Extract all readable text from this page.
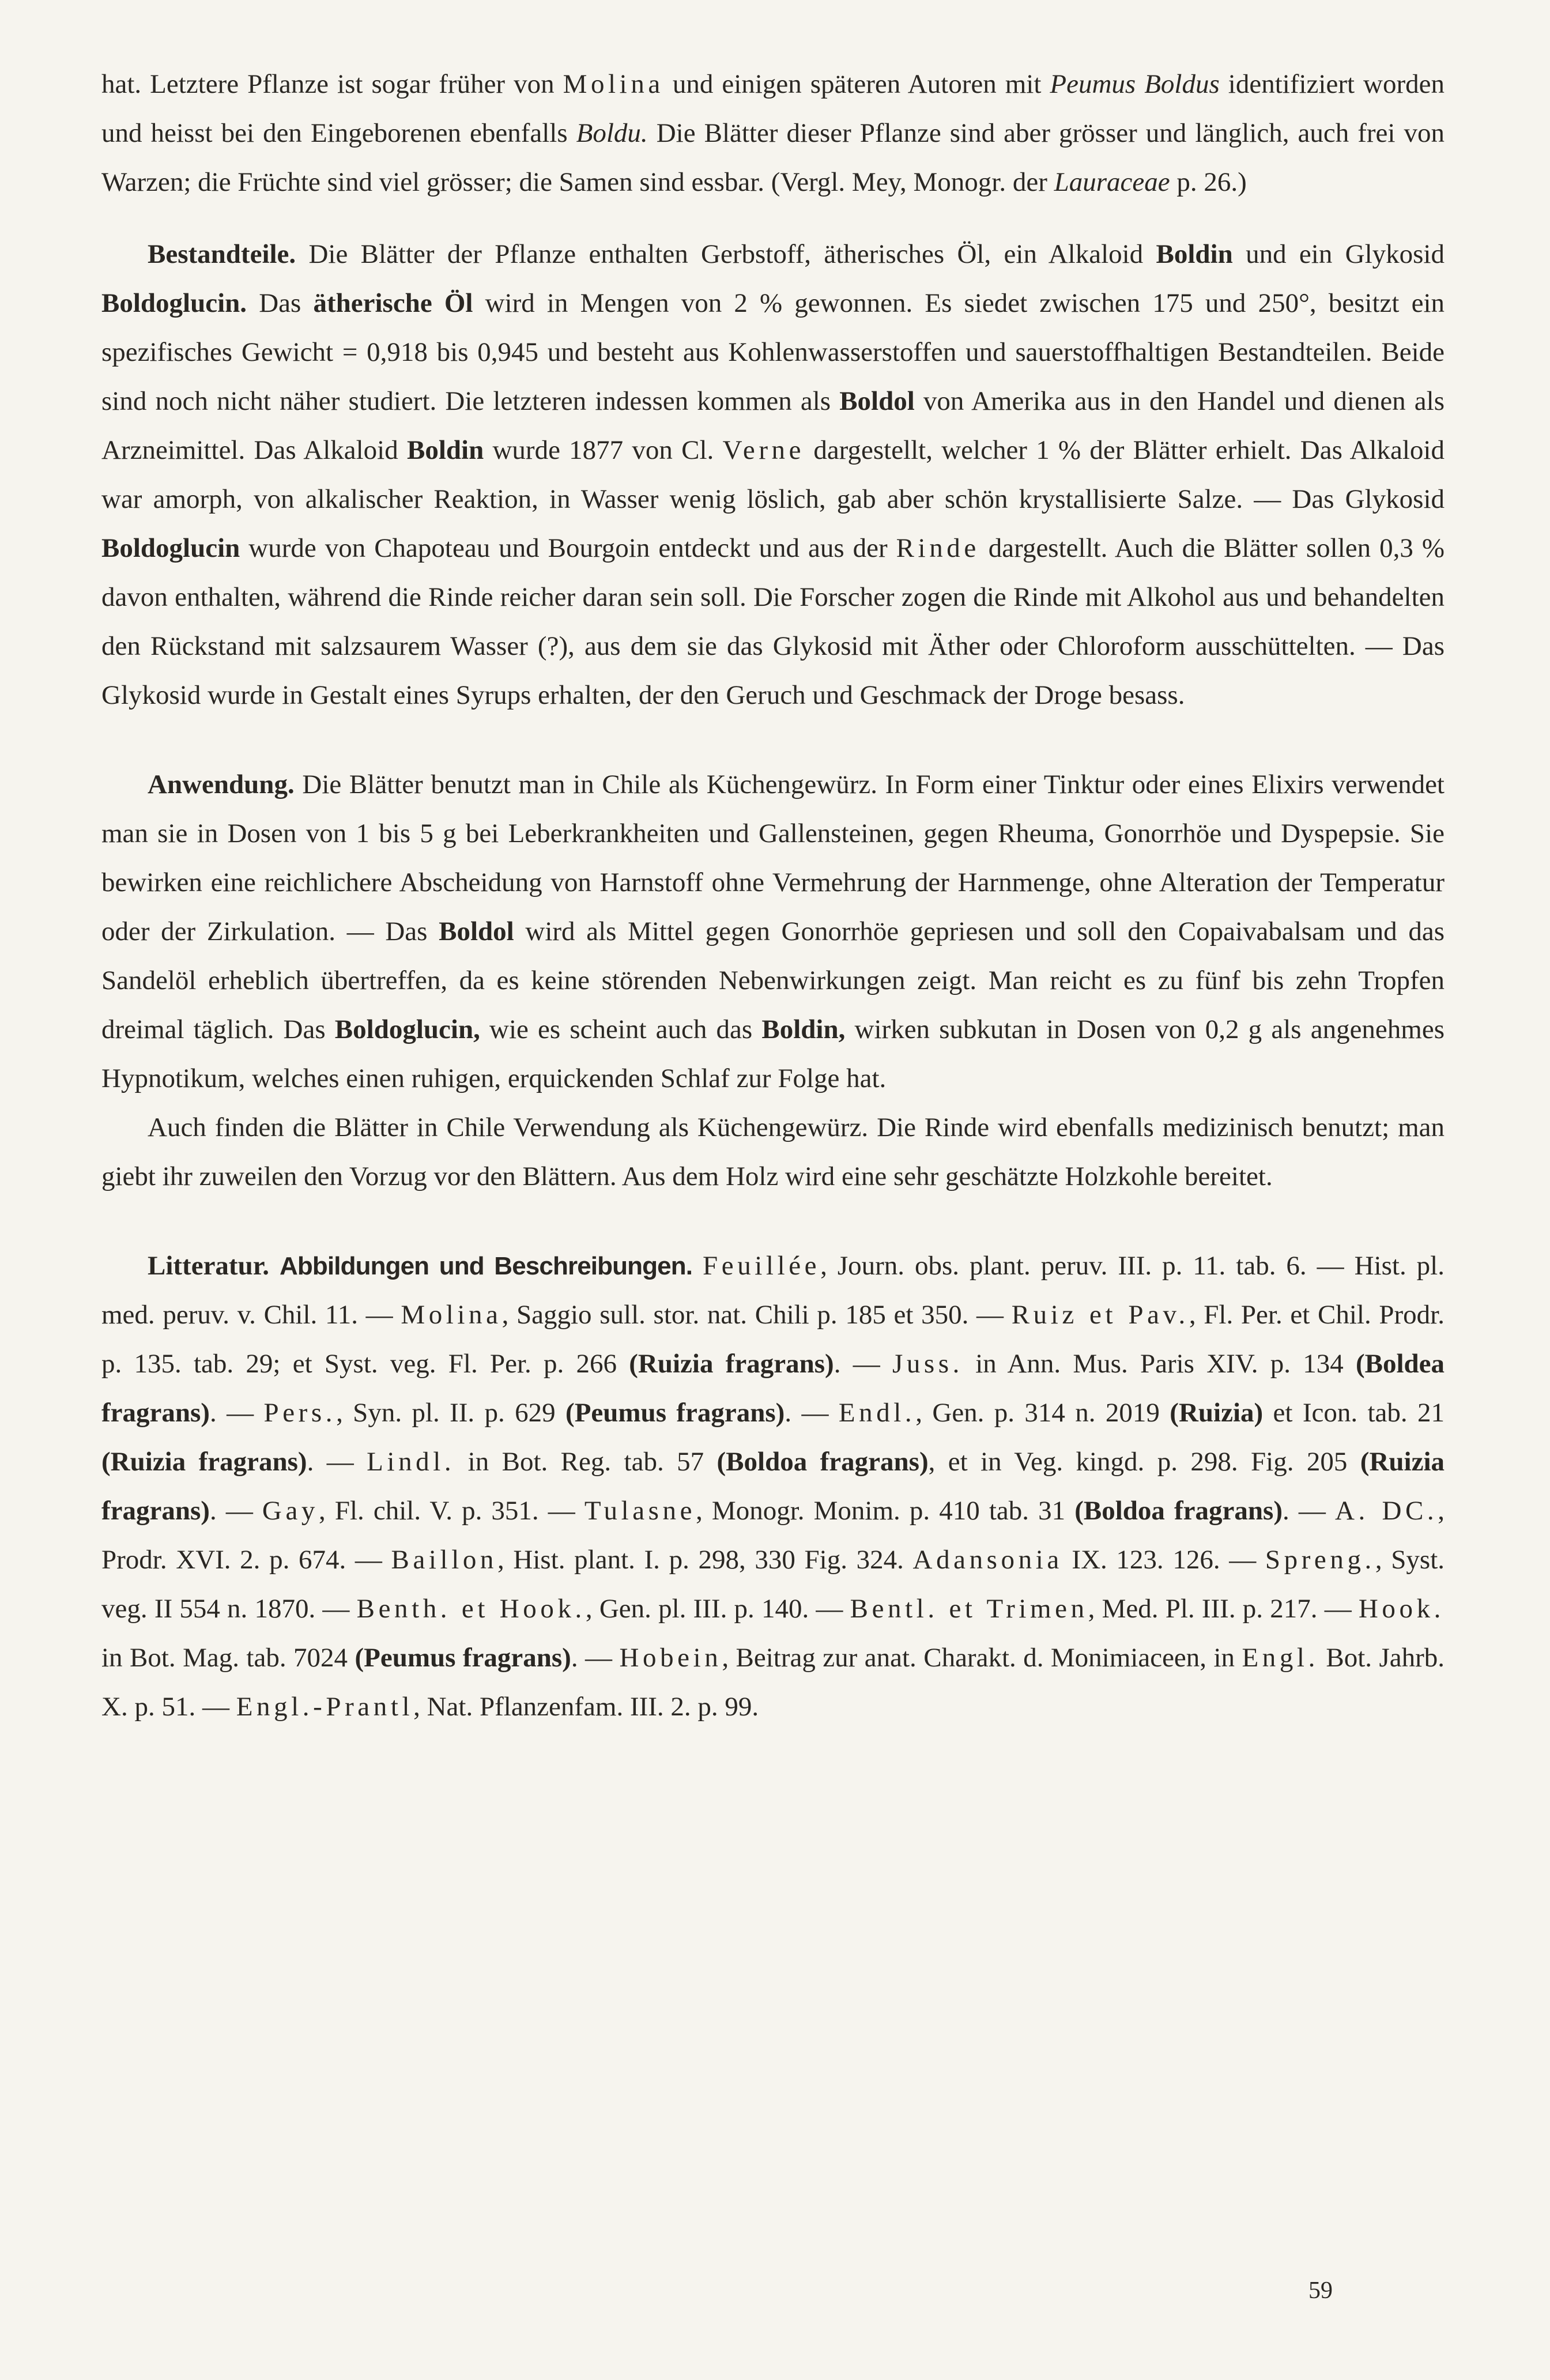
hat. Letztere Pflanze ist sogar früher von Molina und einigen späteren Autoren mit Peumus Boldus identifiziert worden und heisst bei den Eingeborenen ebenfalls Boldu. Die Blätter dieser Pflanze sind aber grösser und länglich, auch frei von Warzen; die Früchte sind viel grösser; die Samen sind essbar. (Vergl. Mey, Monogr. der Lauraceae p. 26.)

Bestandteile. Die Blätter der Pflanze enthalten Gerbstoff, ätherisches Öl, ein Alkaloid Boldin und ein Glykosid Boldoglucin. Das ätherische Öl wird in Mengen von 2 % gewonnen. Es siedet zwischen 175 und 250°, besitzt ein spezifisches Gewicht = 0,918 bis 0,945 und besteht aus Kohlenwasserstoffen und sauerstoffhaltigen Bestandteilen. Beide sind noch nicht näher studiert. Die letzteren indessen kommen als Boldol von Amerika aus in den Handel und dienen als Arzneimittel. Das Alkaloid Boldin wurde 1877 von Cl. Verne dargestellt, welcher 1 % der Blätter erhielt. Das Alkaloid war amorph, von alkalischer Reaktion, in Wasser wenig löslich, gab aber schön krystallisierte Salze. — Das Glykosid Boldoglucin wurde von Chapoteau und Bourgoin entdeckt und aus der Rinde dargestellt. Auch die Blätter sollen 0,3 % davon enthalten, während die Rinde reicher daran sein soll. Die Forscher zogen die Rinde mit Alkohol aus und behandelten den Rückstand mit salzsaurem Wasser (?), aus dem sie das Glykosid mit Äther oder Chloroform ausschüttelten. — Das Glykosid wurde in Gestalt eines Syrups erhalten, der den Geruch und Geschmack der Droge besass.

Anwendung. Die Blätter benutzt man in Chile als Küchengewürz. In Form einer Tinktur oder eines Elixirs verwendet man sie in Dosen von 1 bis 5 g bei Leberkrankheiten und Gallensteinen, gegen Rheuma, Gonorrhöe und Dyspepsie. Sie bewirken eine reichlichere Abscheidung von Harnstoff ohne Vermehrung der Harnmenge, ohne Alteration der Temperatur oder der Zirkulation. — Das Boldol wird als Mittel gegen Gonorrhöe gepriesen und soll den Copaivabalsam und das Sandelöl erheblich übertreffen, da es keine störenden Nebenwirkungen zeigt. Man reicht es zu fünf bis zehn Tropfen dreimal täglich. Das Boldoglucin, wie es scheint auch das Boldin, wirken subkutan in Dosen von 0,2 g als angenehmes Hypnotikum, welches einen ruhigen, erquickenden Schlaf zur Folge hat.

Auch finden die Blätter in Chile Verwendung als Küchengewürz. Die Rinde wird ebenfalls medizinisch benutzt; man giebt ihr zuweilen den Vorzug vor den Blättern. Aus dem Holz wird eine sehr geschätzte Holzkohle bereitet.

Litteratur. Abbildungen und Beschreibungen. Feuillée, Journ. obs. plant. peruv. III. p. 11. tab. 6. — Hist. pl. med. peruv. v. Chil. 11. — Molina, Saggio sull. stor. nat. Chili p. 185 et 350. — Ruiz et Pav., Fl. Per. et Chil. Prodr. p. 135. tab. 29; et Syst. veg. Fl. Per. p. 266 (Ruizia fragrans). — Juss. in Ann. Mus. Paris XIV. p. 134 (Boldea fragrans). — Pers., Syn. pl. II. p. 629 (Peumus fragrans). — Endl., Gen. p. 314 n. 2019 (Ruizia) et Icon. tab. 21 (Ruizia fragrans). — Lindl. in Bot. Reg. tab. 57 (Boldoa fragrans), et in Veg. kingd. p. 298. Fig. 205 (Ruizia fragrans). — Gay, Fl. chil. V. p. 351. — Tulasne, Monogr. Monim. p. 410 tab. 31 (Boldoa fragrans). — A. DC., Prodr. XVI. 2. p. 674. — Baillon, Hist. plant. I. p. 298, 330 Fig. 324. Adansonia IX. 123. 126. — Spreng., Syst. veg. II 554 n. 1870. — Benth. et Hook., Gen. pl. III. p. 140. — Bentl. et Trimen, Med. Pl. III. p. 217. — Hook. in Bot. Mag. tab. 7024 (Peumus fragrans). — Hobein, Beitrag zur anat. Charakt. d. Monimiaceen, in Engl. Bot. Jahrb. X. p. 51. — Engl.-Prantl, Nat. Pflanzenfam. III. 2. p. 99.

59
